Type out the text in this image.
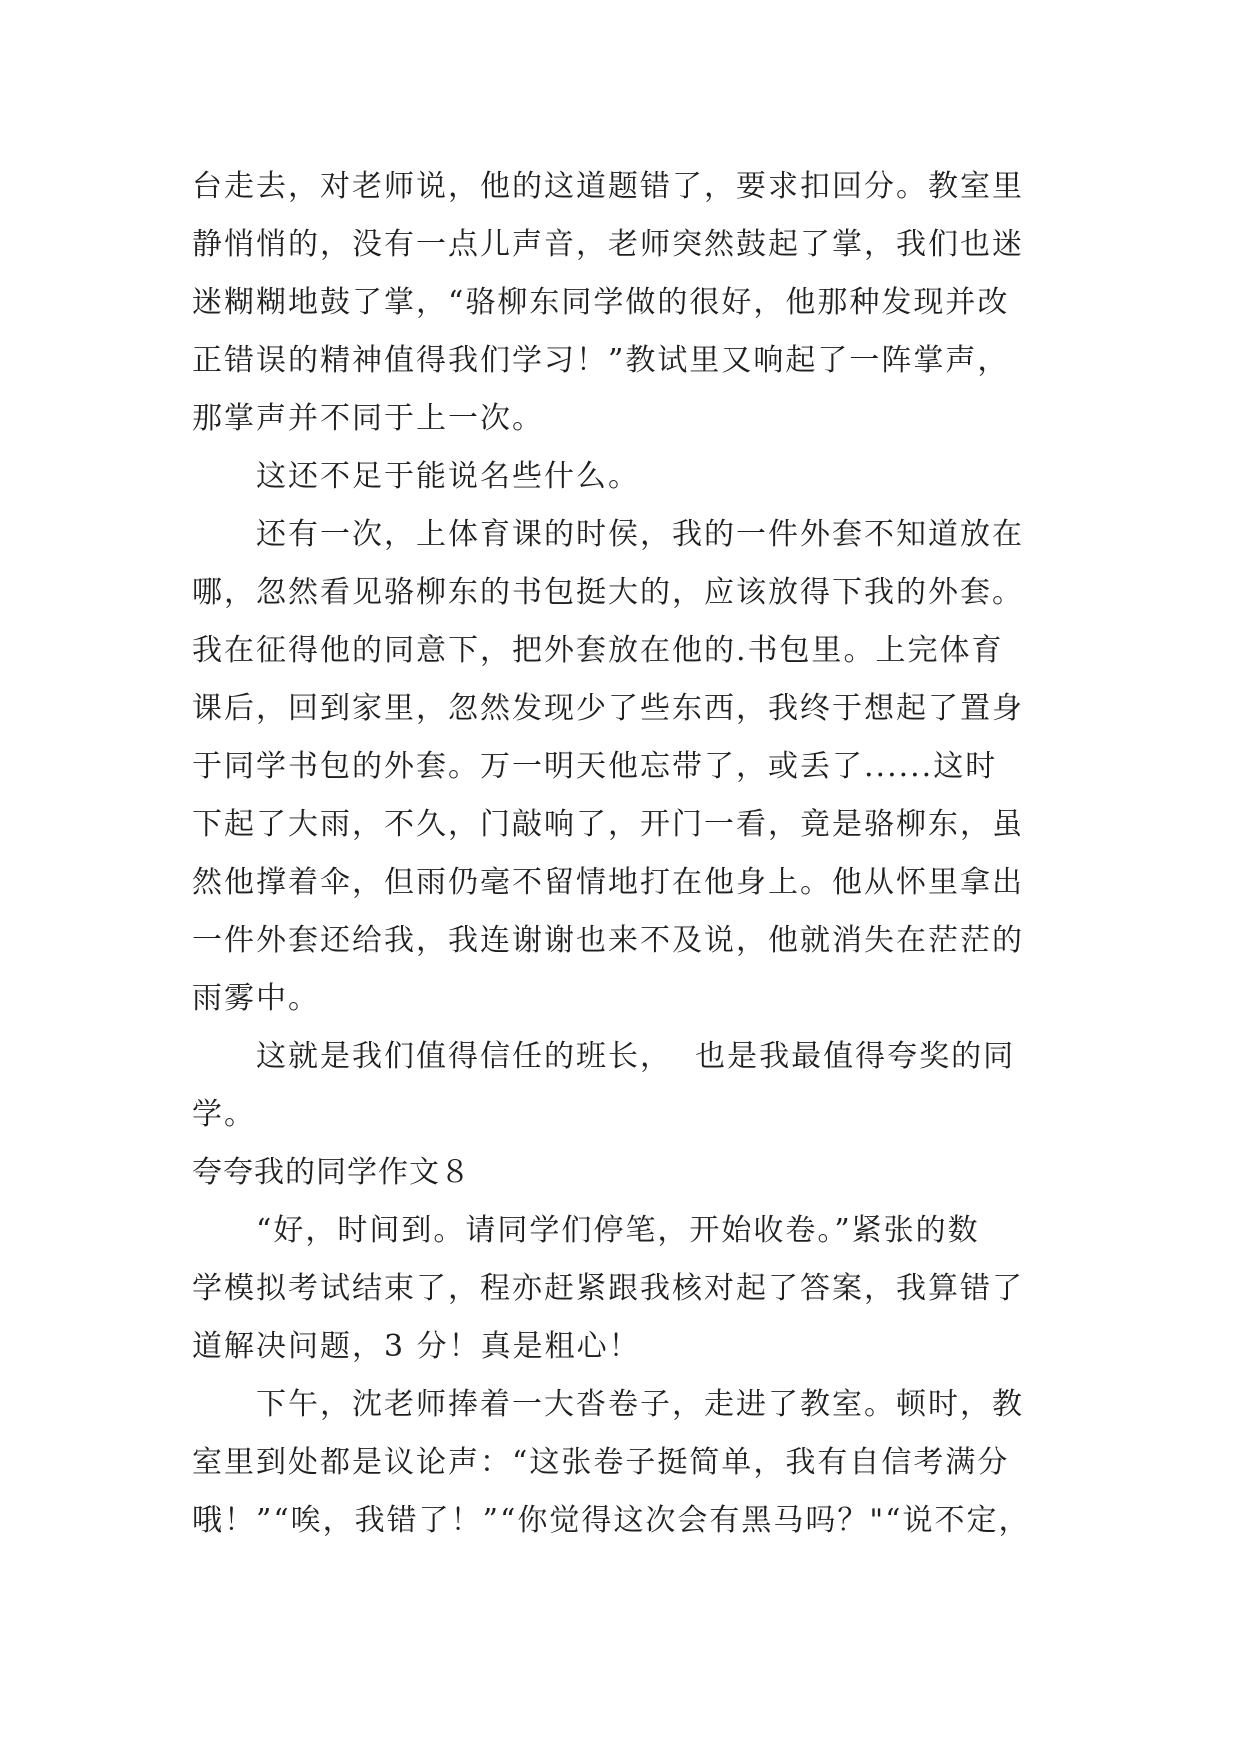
台走去，对老师说，他的这道题错了，要求扣回分。教室里
静悄悄的，没有一点儿声音，老师突然鼓起了掌，我们也迷
迷糊糊地鼓了掌，“骆柳东同学做的很好，他那种发现并改
正错误的精神值得我们学习！”教试里又响起了一阵掌声，
那掌声并不同于上一次。
这还不足于能说名些什么。
还有一次，上体育课的时侯，我的一件外套不知道放在
哪，忽然看见骆柳东的书包挺大的，应该放得下我的外套。
我在征得他的同意下，把外套放在他的.书包里。上完体育
课后，回到家里，忽然发现少了些东西，我终于想起了置身
于同学书包的外套。万一明天他忘带了，或丢了......这时
下起了大雨，不久，门敲响了，开门一看，竟是骆柳东，虽
然他撑着伞，但雨仍毫不留情地打在他身上。他从怀里拿出
一件外套还给我，我连谢谢也来不及说，他就消失在茫茫的
雨雾中。
这就是我们值得信任的班长，  也是我最值得夸奖的同
学。
夸夸我的同学作文８
“好，时间到。请同学们停笔，开始收卷。”紧张的数
学模拟考试结束了，程亦赶紧跟我核对起了答案，我算错了
道解决问题，3 分！真是粗心！
下午，沈老师捧着一大沓卷子，走进了教室。顿时，教
室里到处都是议论声：“这张卷子挺简单，我有自信考满分
哦！”“唉，我错了！”“你觉得这次会有黑马吗？"“说不定，
